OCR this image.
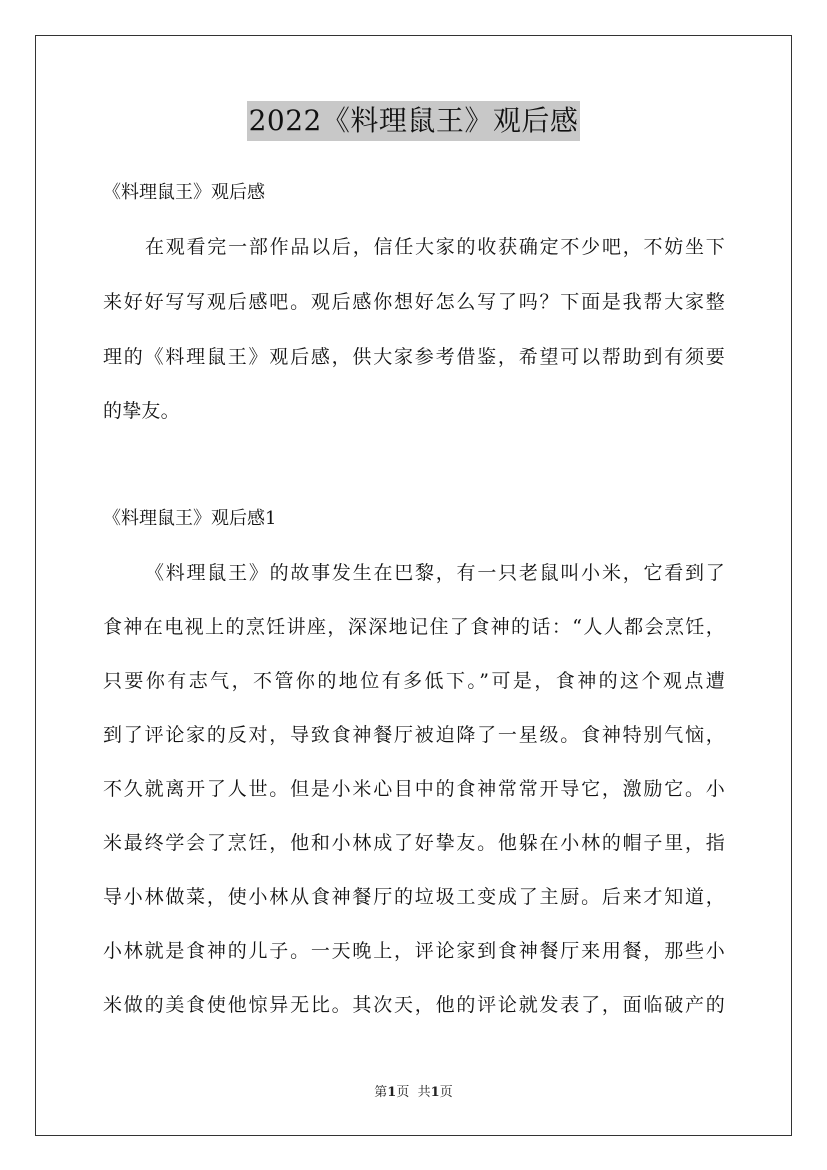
2022《料理鼠王》观后感
《料理鼠王》观后感
在观看完一部作品以后，信任大家的收获确定不少吧，不妨坐下
来好好写写观后感吧。观后感你想好怎么写了吗？下面是我帮大家整
理的《料理鼠王》观后感，供大家参考借鉴，希望可以帮助到有须要
的挚友。
《料理鼠王》观后感1
《料理鼠王》的故事发生在巴黎，有一只老鼠叫小米，它看到了
食神在电视上的烹饪讲座，深深地记住了食神的话：“人人都会烹饪，
只要你有志气，不管你的地位有多低下。”可是，食神的这个观点遭
到了评论家的反对，导致食神餐厅被迫降了一星级。食神特别气恼，
不久就离开了人世。但是小米心目中的食神常常开导它，激励它。小
米最终学会了烹饪，他和小林成了好挚友。他躲在小林的帽子里，指
导小林做菜，使小林从食神餐厅的垃圾工变成了主厨。后来才知道，
小林就是食神的儿子。一天晚上，评论家到食神餐厅来用餐，那些小
米做的美食使他惊异无比。其次天，他的评论就发表了，面临破产的
第1页 共1页
